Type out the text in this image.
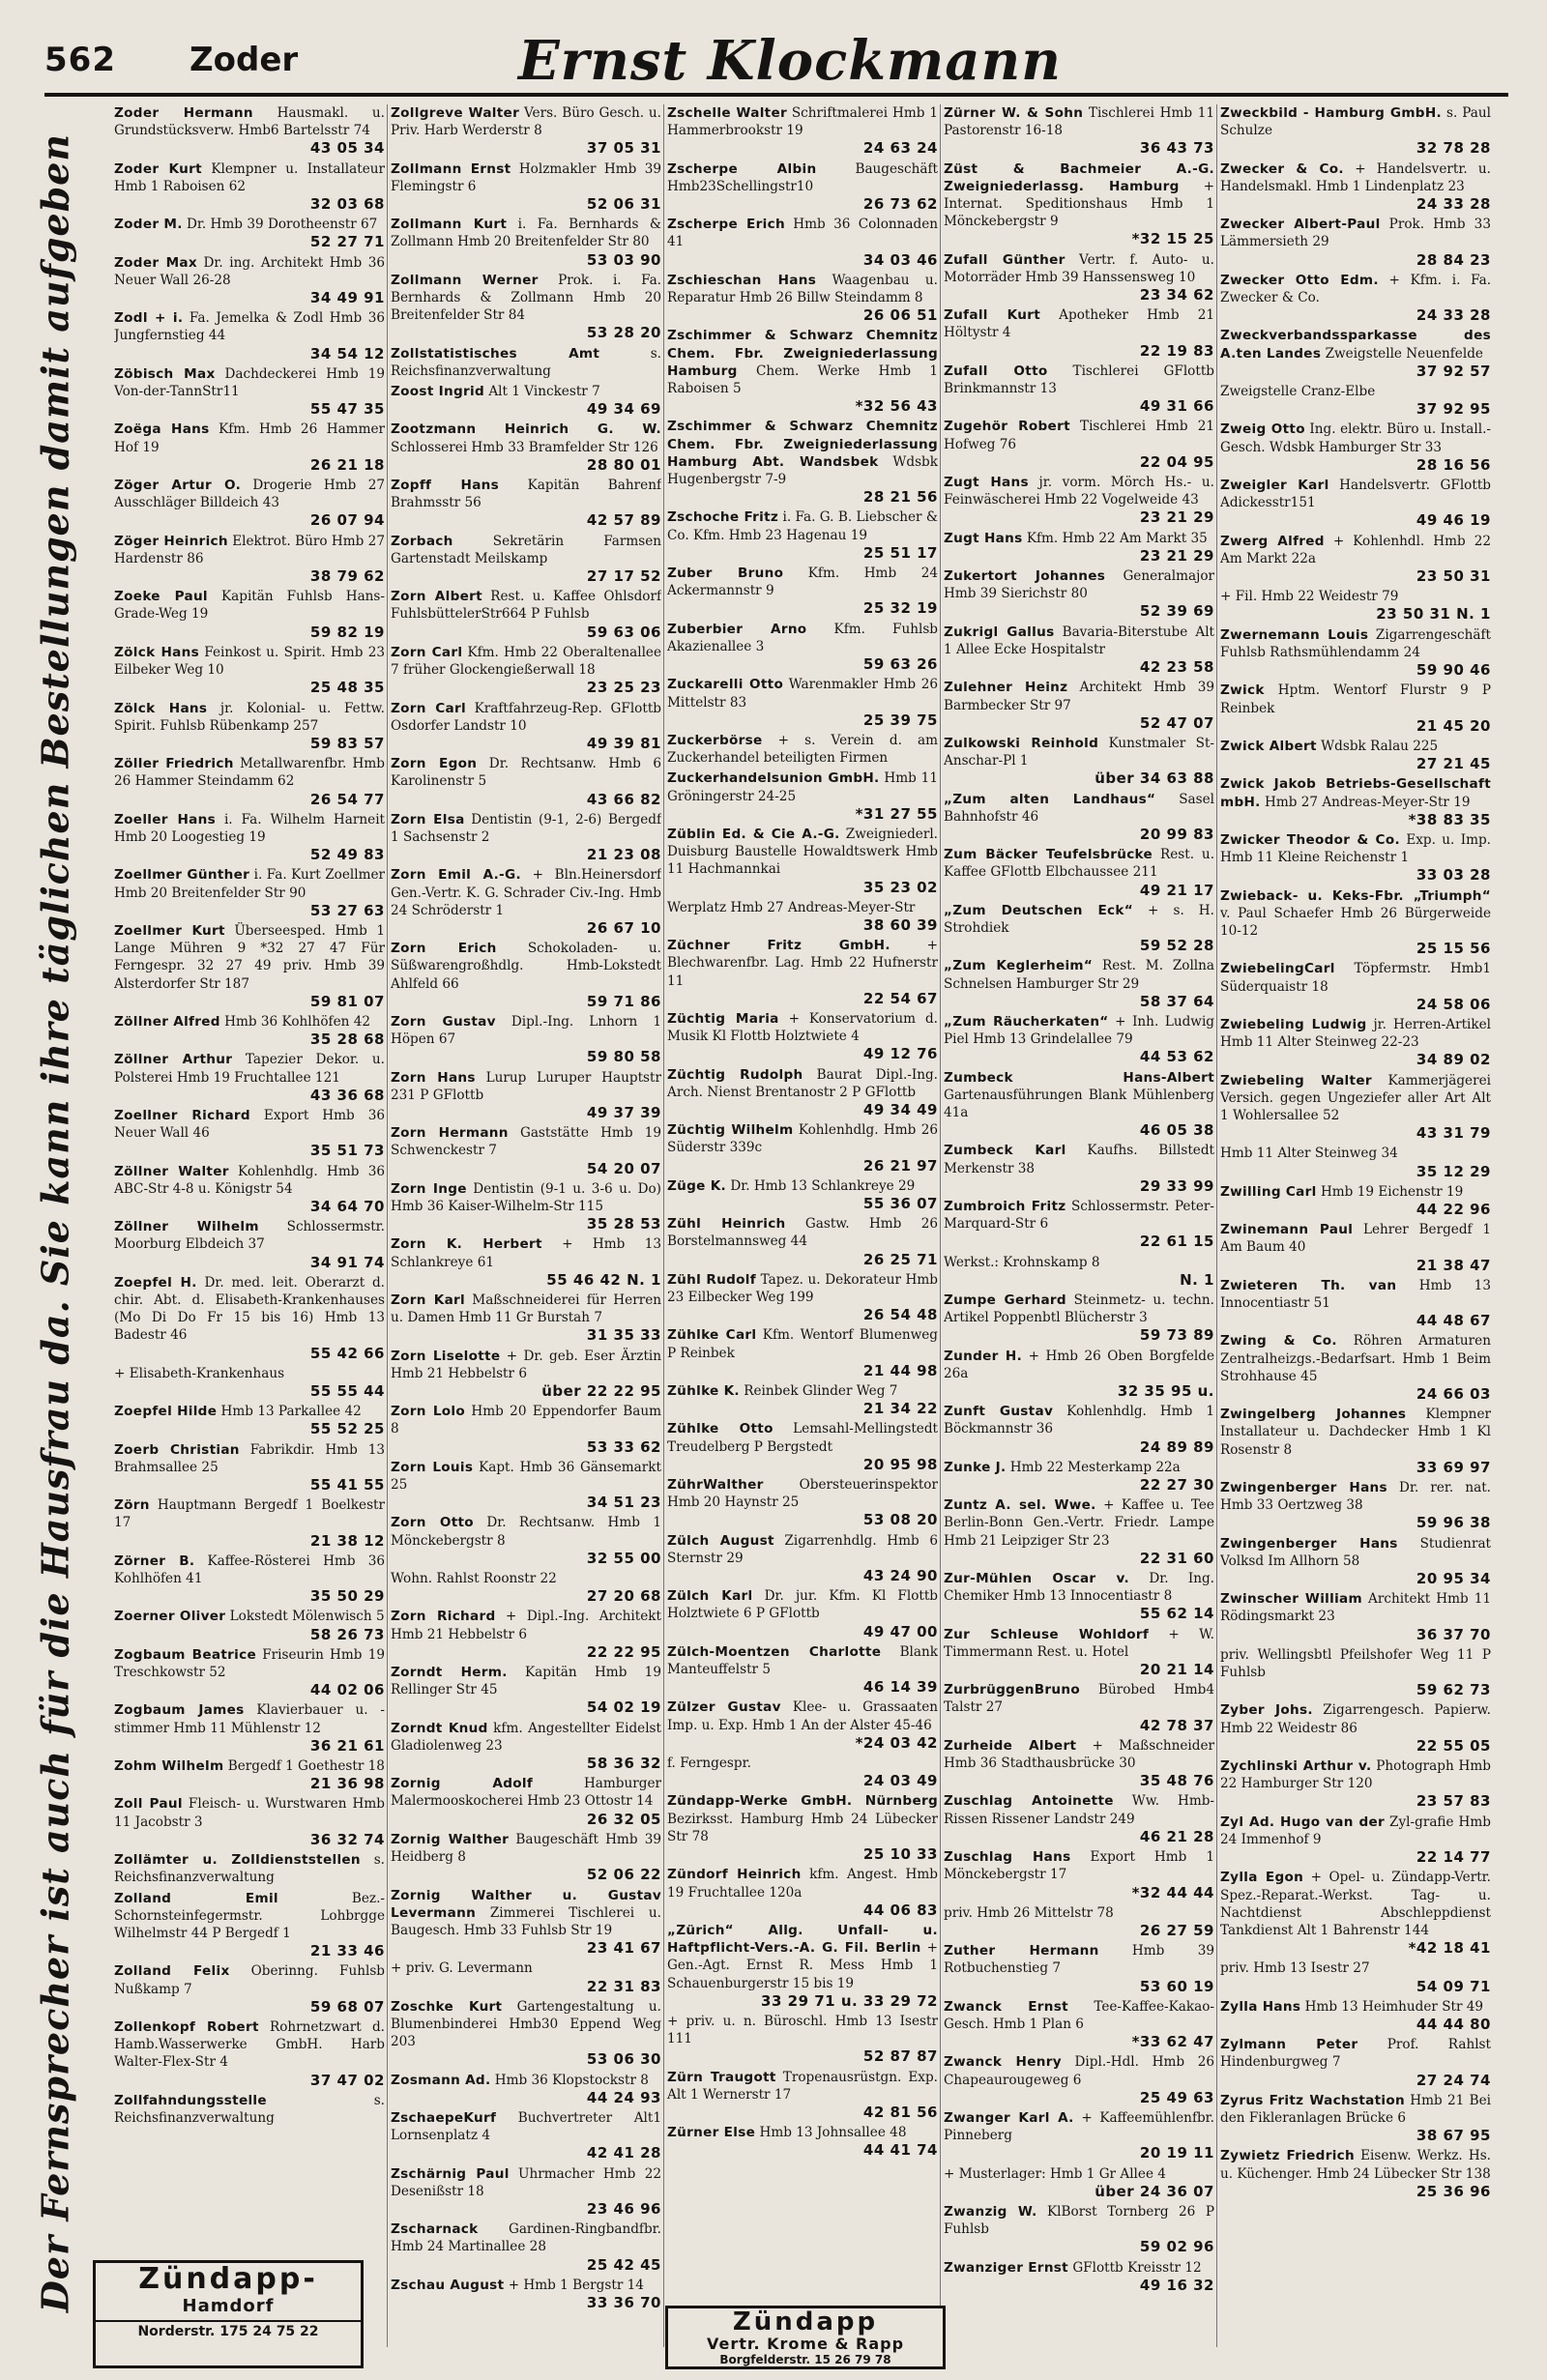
562 Zoder	Ernst Klockmann
Der Fernsprecher ist auch für die Hausfrau da. Sie kann ihre täglichen Bestellungen damit aufgeben
Zoder Hermann Hausmakl. u. Grundstücksverw. Hmb6 Bartelsstr 74
43 05 34
Zoder Kurt Klempner u. Installateur Hmb 1 Raboisen 62
32 03 68
Zoder M. Dr. Hmb 39 Dorotheenstr 67
52 27 71
Zoder Max Dr. ing. Architekt Hmb 36 Neuer Wall 26-28
34 49 91
Zodl + i. Fa. Jemelka & Zodl Hmb 36 Jungfernstieg 44
34 54 12
Zöbisch Max Dachdeckerei Hmb 19 Von-der-TannStr11
55 47 35
Zoëga Hans Kfm. Hmb 26 Hammer Hof 19
26 21 18
Zöger Artur O. Drogerie Hmb 27 Ausschläger Billdeich 43
26 07 94
Zöger Heinrich Elektrot. Büro Hmb 27 Hardenstr 86
38 79 62
Zoeke Paul Kapitän Fuhlsb Hans-Grade-Weg 19
59 82 19
Zölck Hans Feinkost u. Spirit. Hmb 23 Eilbeker Weg 10
25 48 35
Zölck Hans jr. Kolonial- u. Fettw. Spirit. Fuhlsb Rübenkamp 257
59 83 57
Zöller Friedrich Metallwarenfbr. Hmb 26 Hammer Steindamm 62
26 54 77
Zoeller Hans i. Fa. Wilhelm Harneit Hmb 20 Loogestieg 19
52 49 83
Zoellmer Günther i. Fa. Kurt Zoellmer Hmb 20 Breitenfelder Str 90
53 27 63
Zoellmer Kurt Überseesped. Hmb 1 Lange Mühren 9 *32 27 47 Für Ferngespr. 32 27 49 priv. Hmb 39 Alsterdorfer Str 187
59 81 07
Zöllner Alfred Hmb 36 Kohlhöfen 42
35 28 68
Zöllner Arthur Tapezier Dekor. u. Polsterei Hmb 19 Fruchtallee 121
43 36 68
Zoellner Richard Export Hmb 36 Neuer Wall 46
35 51 73
Zöllner Walter Kohlenhdlg. Hmb 36 ABC-Str 4-8 u. Königstr 54
34 64 70
Zöllner Wilhelm Schlossermstr. Moorburg Elbdeich 37
34 91 74
Zoepfel H. Dr. med. leit. Oberarzt d. chir. Abt. d. Elisabeth-Krankenhauses (Mo Di Do Fr 15 bis 16) Hmb 13 Badestr 46
55 42 66
+ Elisabeth-Krankenhaus
55 55 44
Zoepfel Hilde Hmb 13 Parkallee 42
55 52 25
Zoerb Christian Fabrikdir. Hmb 13 Brahmsallee 25
55 41 55
Zörn Hauptmann Bergedf 1 Boelkestr 17
21 38 12
Zörner B. Kaffee-Rösterei Hmb 36 Kohlhöfen 41
35 50 29
Zoerner Oliver Lokstedt Mölenwisch 5
58 26 73
Zogbaum Beatrice Friseurin Hmb 19 Treschkowstr 52
44 02 06
Zogbaum James Klavierbauer u. -stimmer Hmb 11 Mühlenstr 12
36 21 61
Zohm Wilhelm Bergedf 1 Goethestr 18
21 36 98
Zoll Paul Fleisch- u. Wurstwaren Hmb 11 Jacobstr 3
36 32 74
Zollämter u. Zolldienststellen s. Reichsfinanzverwaltung
Zolland Emil	Bez.-Schornsteinfegermstr. Lohbrgge Wilhelmstr 44 P Bergedf 1
21 33 46
Zolland Felix Oberinng. Fuhlsb Nußkamp 7
59 68 07
Zollenkopf Robert Rohrnetzwart d. Hamb.Wasserwerke GmbH. Harb Walter-Flex-Str 4
37 47 02
Zollfahndungsstelle	s. Reichsfinanzverwaltung
Zollgreve Walter Vers. Büro Gesch. u. Priv. Harb Werderstr 8
37 05 31
Zollmann Ernst Holzmakler Hmb 39 Flemingstr 6
52 06 31
Zollmann Kurt i. Fa. Bernhards & Zollmann Hmb 20 Breitenfelder Str 80
53 03 90
Zollmann Werner Prok. i. Fa. Bernhards & Zollmann Hmb 20 Breitenfelder Str 84
53 28 20
Zollstatistisches Amt	s. Reichsfinanzverwaltung
Zoost Ingrid Alt 1 Vinckestr 7
49 34 69
Zootzmann Heinrich G. W. Schlosserei Hmb 33 Bramfelder Str 126
28 80 01
Zopff Hans Kapitän Bahrenf Brahmsstr 56
42 57 89
Zorbach	Sekretärin Farmsen Gartenstadt Meilskamp
27 17 52
Zorn Albert Rest. u. Kaffee Ohlsdorf FuhlsbüttelerStr664 P Fuhlsb
59 63 06
Zorn Carl Kfm. Hmb 22 Oberaltenallee 7 früher Glockengießerwall 18
23 25 23
Zorn Carl Kraftfahrzeug-Rep. GFlottb Osdorfer Landstr 10
49 39 81
Zorn Egon Dr. Rechtsanw. Hmb 6 Karolinenstr 5
43 66 82
Zorn Elsa Dentistin (9-1, 2-6) Bergedf 1 Sachsenstr 2
21 23 08
Zorn Emil A.-G. + Bln.Heinersdorf Gen.-Vertr. K. G. Schrader Civ.-Ing. Hmb 24 Schröderstr 1
26 67 10
Zorn Erich Schokoladen- u. Süßwarengroßhdlg. Hmb-Lokstedt Ahlfeld 66
59 71 86
Zorn Gustav Dipl.-Ing. Lnhorn 1 Höpen 67
59 80 58
Zorn Hans Lurup Luruper Hauptstr 231 P GFlottb
49 37 39
Zorn Hermann Gaststätte Hmb 19 Schwenckestr 7
54 20 07
Zorn Inge Dentistin (9-1 u. 3-6 u. Do) Hmb 36 Kaiser-Wilhelm-Str 115
35 28 53
Zorn K. Herbert + Hmb 13 Schlankreye 61
55 46 42 N. 1
Zorn Karl Maßschneiderei für Herren u. Damen Hmb 11 Gr Burstah 7
31 35 33
Zorn Liselotte + Dr. geb. Eser Ärztin Hmb 21 Hebbelstr 6
über 22 22 95
Zorn Lolo Hmb 20 Eppendorfer Baum 8
53 33 62
Zorn Louis Kapt. Hmb 36 Gänsemarkt 25
34 51 23
Zorn Otto Dr. Rechtsanw. Hmb 1 Mönckebergstr 8
32 55 00
Wohn. Rahlst Roonstr 22
27 20 68
Zorn Richard + Dipl.-Ing. Architekt Hmb 21 Hebbelstr 6
22 22 95
Zorndt Herm. Kapitän Hmb 19 Rellinger Str 45
54 02 19
Zorndt Knud kfm. Angestellter Eidelst Gladiolenweg 23
58 36 32
Zornig Adolf	Hamburger Malermooskocherei Hmb 23 Ottostr 14
26 32 05
Zornig Walther Baugeschäft Hmb 39 Heidberg 8
52 06 22
Zornig Walther u. Gustav Levermann Zimmerei Tischlerei u. Baugesch. Hmb 33 Fuhlsb Str 19
23 41 67
+ priv. G. Levermann
22 31 83
Zoschke Kurt Gartengestaltung u. Blumenbinderei Hmb30 Eppend Weg 203
53 06 30
Zosmann Ad. Hmb 36 Klopstockstr 8
44 24 93
ZschaepeKurf Buchvertreter Alt1 Lornsenplatz 4
42 41 28
Zschärnig Paul Uhrmacher Hmb 22 Desenißstr 18
23 46 96
Zscharnack Gardinen-Ringbandfbr. Hmb 24 Martinallee 28
25 42 45
Zschau August + Hmb 1 Bergstr 14
33 36 70
Zschelle Walter Schriftmalerei Hmb 1 Hammerbrookstr 19
24 63 24
Zscherpe Albin	Baugeschäft Hmb23Schellingstr10
26 73 62
Zscherpe Erich Hmb 36 Colonnaden 41
34 03 46
Zschieschan Hans Waagenbau u. Reparatur Hmb 26 Billw Steindamm 8
26 06 51
Zschimmer & Schwarz Chemnitz Chem. Fbr. Zweigniederlassung Hamburg Chem. Werke Hmb 1 Raboisen 5
*32 56 43
Zschimmer & Schwarz Chemnitz Chem. Fbr. Zweigniederlassung Hamburg Abt. Wandsbek Wdsbk Hugenbergstr 7-9
28 21 56
Zschoche Fritz i. Fa. G. B. Liebscher & Co. Kfm. Hmb 23 Hagenau 19
25 51 17
Zuber Bruno Kfm. Hmb 24 Ackermannstr 9
25 32 19
Zuberbier Arno Kfm. Fuhlsb Akazienallee 3
59 63 26
Zuckarelli Otto Warenmakler Hmb 26 Mittelstr 83
25 39 75
Zuckerbörse + s. Verein d. am Zuckerhandel beteiligten Firmen
Zuckerhandelsunion GmbH. Hmb 11 Gröningerstr 24-25
*31 27 55
Züblin Ed. & Cie A.-G. Zweigniederl. Duisburg Baustelle Howaldtswerk Hmb 11 Hachmannkai
35 23 02
Werplatz Hmb 27 Andreas-Meyer-Str
38 60 39
Züchner Fritz GmbH.	+ Blechwarenfbr. Lag. Hmb 22 Hufnerstr 11
22 54 67
Züchtig Maria + Konservatorium d. Musik Kl Flottb Holztwiete 4
49 12 76
Züchtig Rudolph Baurat Dipl.-Ing. Arch. Nienst Brentanostr 2 P GFlottb
49 34 49
Züchtig Wilhelm Kohlenhdlg. Hmb 26 Süderstr 339c
26 21 97
Züge K. Dr. Hmb 13 Schlankreye 29
55 36 07
Zühl Heinrich Gastw. Hmb 26 Borstelmannsweg 44
26 25 71
Zühl Rudolf Tapez. u. Dekorateur Hmb 23 Eilbecker Weg 199
26 54 48
Zühlke Carl Kfm. Wentorf Blumenweg P Reinbek
21 44 98
Zühlke K. Reinbek Glinder Weg 7
21 34 22
Zühlke Otto Lemsahl-Mellingstedt Treudelberg P Bergstedt
20 95 98
ZührWalther	Obersteuerinspektor Hmb 20 Haynstr 25
53 08 20
Zülch August Zigarrenhdlg. Hmb 6 Sternstr 29
43 24 90
Zülch Karl Dr. jur. Kfm. Kl Flottb Holztwiete 6 P GFlottb
49 47 00
Zülch-Moentzen Charlotte Blank Manteuffelstr 5
46 14 39
Zülzer Gustav Klee- u. Grassaaten Imp. u. Exp. Hmb 1 An der Alster 45-46
*24 03 42
f. Ferngespr.
24 03 49
Zündapp-Werke GmbH. Nürnberg Bezirksst. Hamburg Hmb 24 Lübecker Str 78
25 10 33
Zündorf Heinrich kfm. Angest. Hmb 19 Fruchtallee 120a
44 06 83
„Zürich“ Allg. Unfall- u. Haftpflicht-Vers.-A. G. Fil. Berlin + Gen.-Agt. Ernst R. Mess Hmb 1 Schauenburgerstr 15 bis 19
33 29 71 u. 33 29 72
+ priv. u. n. Büroschl. Hmb 13 Isestr 111
52 87 87
Zürn Traugott Tropenausrüstgn. Exp. Alt 1 Wernerstr 17
42 81 56
Zürner Else Hmb 13 Johnsallee 48
44 41 74
Zürner W. & Sohn Tischlerei Hmb 11 Pastorenstr 16-18
36 43 73
Züst & Bachmeier A.-G. Zweigniederlassg. Hamburg + Internat. Speditionshaus Hmb 1 Mönckebergstr 9
*32 15 25
Zufall Günther Vertr. f. Auto- u. Motorräder Hmb 39 Hanssensweg 10
23 34 62
Zufall Kurt Apotheker Hmb 21 Höltystr 4
22 19 83
Zufall Otto Tischlerei GFlottb Brinkmannstr 13
49 31 66
Zugehör Robert Tischlerei Hmb 21 Hofweg 76
22 04 95
Zugt Hans jr. vorm. Mörch Hs.- u. Feinwäscherei Hmb 22 Vogelweide 43
23 21 29
Zugt Hans Kfm. Hmb 22 Am Markt 35
23 21 29
Zukertort Johannes Generalmajor Hmb 39 Sierichstr 80
52 39 69
Zukrigl Gallus Bavaria-Biterstube Alt 1 Allee Ecke Hospitalstr
42 23 58
Zulehner Heinz Architekt Hmb 39 Barmbecker Str 97
52 47 07
Zulkowski Reinhold Kunstmaler St-Anschar-Pl 1
über 34 63 88
„Zum alten Landhaus“ Sasel Bahnhofstr 46
20 99 83
Zum Bäcker Teufelsbrücke Rest. u. Kaffee GFlottb Elbchaussee 211
49 21 17
„Zum Deutschen Eck“ + s. H. Strohdiek
59 52 28
„Zum Keglerheim“ Rest. M. Zollna Schnelsen Hamburger Str 29
58 37 64
„Zum Räucherkaten“ + Inh. Ludwig Piel Hmb 13 Grindelallee 79
44 53 62
Zumbeck Hans-Albert Gartenausführungen Blank Mühlenberg 41a
46 05 38
Zumbeck Karl Kaufhs. Billstedt Merkenstr 38
29 33 99
Zumbroich Fritz Schlossermstr. Peter-Marquard-Str 6
22 61 15
Werkst.: Krohnskamp 8
N. 1
Zumpe Gerhard Steinmetz- u. techn. Artikel Poppenbtl Blücherstr 3
59 73 89
Zunder H. + Hmb 26 Oben Borgfelde 26a
32 35 95 u.
Zunft Gustav Kohlenhdlg. Hmb 1 Böckmannstr 36
24 89 89
Zunke J. Hmb 22 Mesterkamp 22a
22 27 30
Zuntz A. sel. Wwe. + Kaffee u. Tee Berlin-Bonn Gen.-Vertr. Friedr. Lampe Hmb 21 Leipziger Str 23
22 31 60
Zur-Mühlen Oscar v. Dr. Ing. Chemiker Hmb 13 Innocentiastr 8
55 62 14
Zur Schleuse Wohldorf + W. Timmermann Rest. u. Hotel
20 21 14
ZurbrüggenBruno Bürobed Hmb4 Talstr 27
42 78 37
Zurheide Albert + Maßschneider Hmb 36 Stadthausbrücke 30
35 48 76
Zuschlag Antoinette Ww. Hmb-Rissen Rissener Landstr 249
46 21 28
Zuschlag Hans Export Hmb 1 Mönckebergstr 17
*32 44 44
priv. Hmb 26 Mittelstr 78
26 27 59
Zuther Hermann	Hmb 39 Rotbuchenstieg 7
53 60 19
Zwanck Ernst Tee-Kaffee-Kakao-Gesch. Hmb 1 Plan 6
*33 62 47
Zwanck Henry Dipl.-Hdl. Hmb 26 Chapeaurougeweg 6
25 49 63
Zwanger Karl A. + Kaffeemühlenfbr. Pinneberg
20 19 11
+ Musterlager: Hmb 1 Gr Allee 4
über 24 36 07
Zwanzig W. KlBorst Tornberg 26 P Fuhlsb
59 02 96
Zwanziger Ernst GFlottb Kreisstr 12
49 16 32
Zweckbild - Hamburg GmbH. s. Paul Schulze
32 78 28
Zwecker & Co. + Handelsvertr. u. Handelsmakl. Hmb 1 Lindenplatz 23
24 33 28
Zwecker Albert-Paul Prok. Hmb 33 Lämmersieth 29
28 84 23
Zwecker Otto Edm. + Kfm. i. Fa. Zwecker & Co.
24 33 28
Zweckverbandssparkasse des A.ten Landes Zweigstelle Neuenfelde
37 92 57
Zweigstelle Cranz-Elbe
37 92 95
Zweig Otto Ing. elektr. Büro u. Install.-Gesch. Wdsbk Hamburger Str 33
28 16 56
Zweigler Karl Handelsvertr. GFlottb Adickesstr151
49 46 19
Zwerg Alfred + Kohlenhdl. Hmb 22 Am Markt 22a
23 50 31
+ Fil. Hmb 22 Weidestr 79
23 50 31 N. 1
Zwernemann Louis Zigarrengeschäft Fuhlsb Rathsmühlendamm 24
59 90 46
Zwick Hptm. Wentorf Flurstr 9 P Reinbek
21 45 20
Zwick Albert Wdsbk Ralau 225
27 21 45
Zwick Jakob Betriebs-Gesellschaft mbH. Hmb 27 Andreas-Meyer-Str 19
*38 83 35
Zwicker Theodor & Co. Exp. u. Imp. Hmb 11 Kleine Reichenstr 1
33 03 28
Zwieback- u. Keks-Fbr. „Triumph“ v. Paul Schaefer Hmb 26 Bürgerweide 10-12
25 15 56
ZwiebelingCarl Töpfermstr. Hmb1 Süderquaistr 18
24 58 06
Zwiebeling Ludwig jr. Herren-Artikel Hmb 11 Alter Steinweg 22-23
34 89 02
Zwiebeling Walter Kammerjägerei Versich. gegen Ungeziefer aller Art Alt 1 Wohlersallee 52
43 31 79
Hmb 11 Alter Steinweg 34
35 12 29
Zwilling Carl Hmb 19 Eichenstr 19
44 22 96
Zwinemann Paul Lehrer Bergedf 1 Am Baum 40
21 38 47
Zwieteren Th. van Hmb 13 Innocentiastr 51
44 48 67
Zwing & Co. Röhren Armaturen Zentralheizgs.-Bedarfsart. Hmb 1 Beim Strohhause 45
24 66 03
Zwingelberg Johannes Klempner Installateur u. Dachdecker Hmb 1 Kl Rosenstr 8
33 69 97
Zwingenberger Hans Dr. rer. nat. Hmb 33 Oertzweg 38
59 96 38
Zwingenberger Hans Studienrat Volksd Im Allhorn 58
20 95 34
Zwinscher William Architekt Hmb 11 Rödingsmarkt 23
36 37 70
priv. Wellingsbtl Pfeilshofer Weg 11 P Fuhlsb
59 62 73
Zyber Johs. Zigarrengesch. Papierw. Hmb 22 Weidestr 86
22 55 05
Zychlinski Arthur v. Photograph Hmb 22 Hamburger Str 120
23 57 83
Zyl Ad. Hugo van der Zyl-grafie Hmb 24 Immenhof 9
22 14 77
Zylla Egon + Opel- u. Zündapp-Vertr. Spez.-Reparat.-Werkst. Tag- u. Nachtdienst Abschleppdienst Tankdienst Alt 1 Bahrenstr 144
*42 18 41
priv. Hmb 13 Isestr 27
54 09 71
Zylla Hans Hmb 13 Heimhuder Str 49
44 44 80
Zylmann Peter Prof. Rahlst Hindenburgweg 7
27 24 74
Zyrus Fritz Wachstation Hmb 21 Bei den Fikleranlagen Brücke 6
38 67 95
Zywietz Friedrich Eisenw. Werkz. Hs. u. Küchenger. Hmb 24 Lübecker Str 138
25 36 96
Zündapp-
Hamdorf
Norderstr. 175 24 75 22	Zündapp
Vertr. Krome & Rapp
Borgfelderstr. 15 26 79 78
